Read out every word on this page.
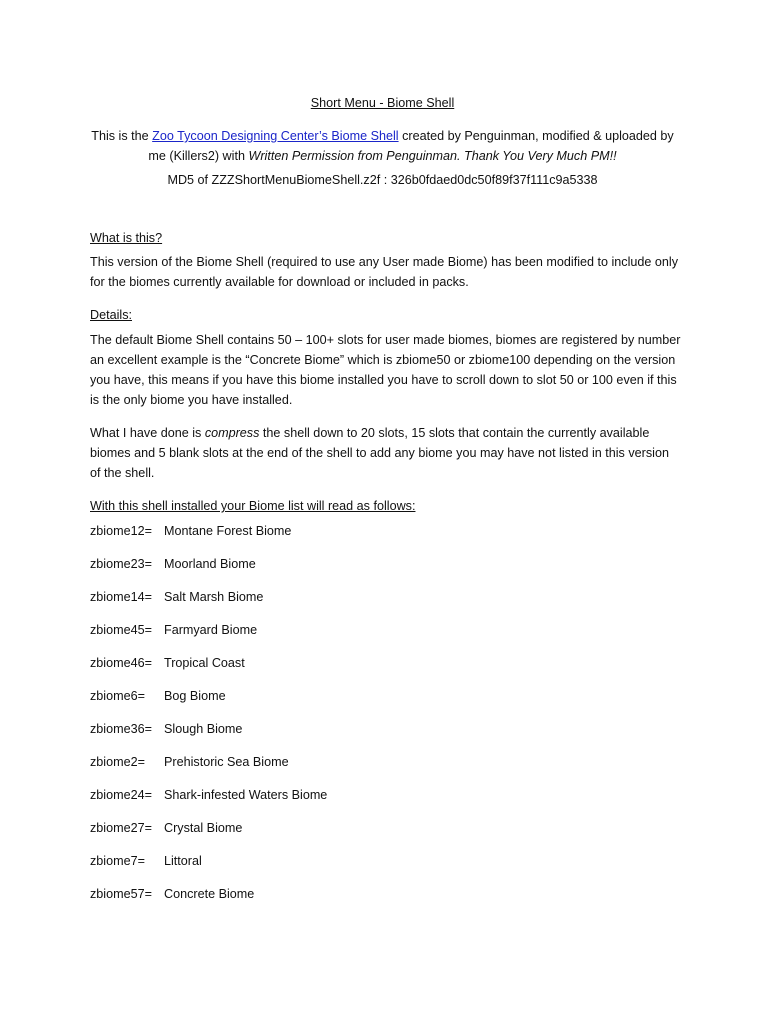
Short Menu - Biome Shell
This is the Zoo Tycoon Designing Center’s Biome Shell created by Penguinman, modified & uploaded by me (Killers2) with Written Permission from Penguinman. Thank You Very Much PM!!
MD5 of ZZZShortMenuBiomeShell.z2f : 326b0fdaed0dc50f89f37f111c9a5338
What is this?
This version of the Biome Shell (required to use any User made Biome) has been modified to include only for the biomes currently available for download or included in packs.
Details:
The default Biome Shell contains 50 – 100+ slots for user made biomes, biomes are registered by number an excellent example is the “Concrete Biome” which is zbiome50 or zbiome100 depending on the version you have, this means if you have this biome installed you have to scroll down to slot 50 or 100 even if this is the only biome you have installed.
What I have done is compress the shell down to 20 slots, 15 slots that contain the currently available biomes and 5 blank slots at the end of the shell to add any biome you may have not listed in this version of the shell.
With this shell installed your Biome list will read as follows:
zbiome12= Montane Forest Biome
zbiome23= Moorland Biome
zbiome14= Salt Marsh Biome
zbiome45= Farmyard Biome
zbiome46= Tropical Coast
zbiome6=	Bog Biome
zbiome36= Slough Biome
zbiome2=	Prehistoric Sea Biome
zbiome24= Shark-infested Waters Biome
zbiome27= Crystal Biome
zbiome7=	Littoral
zbiome57= Concrete Biome
